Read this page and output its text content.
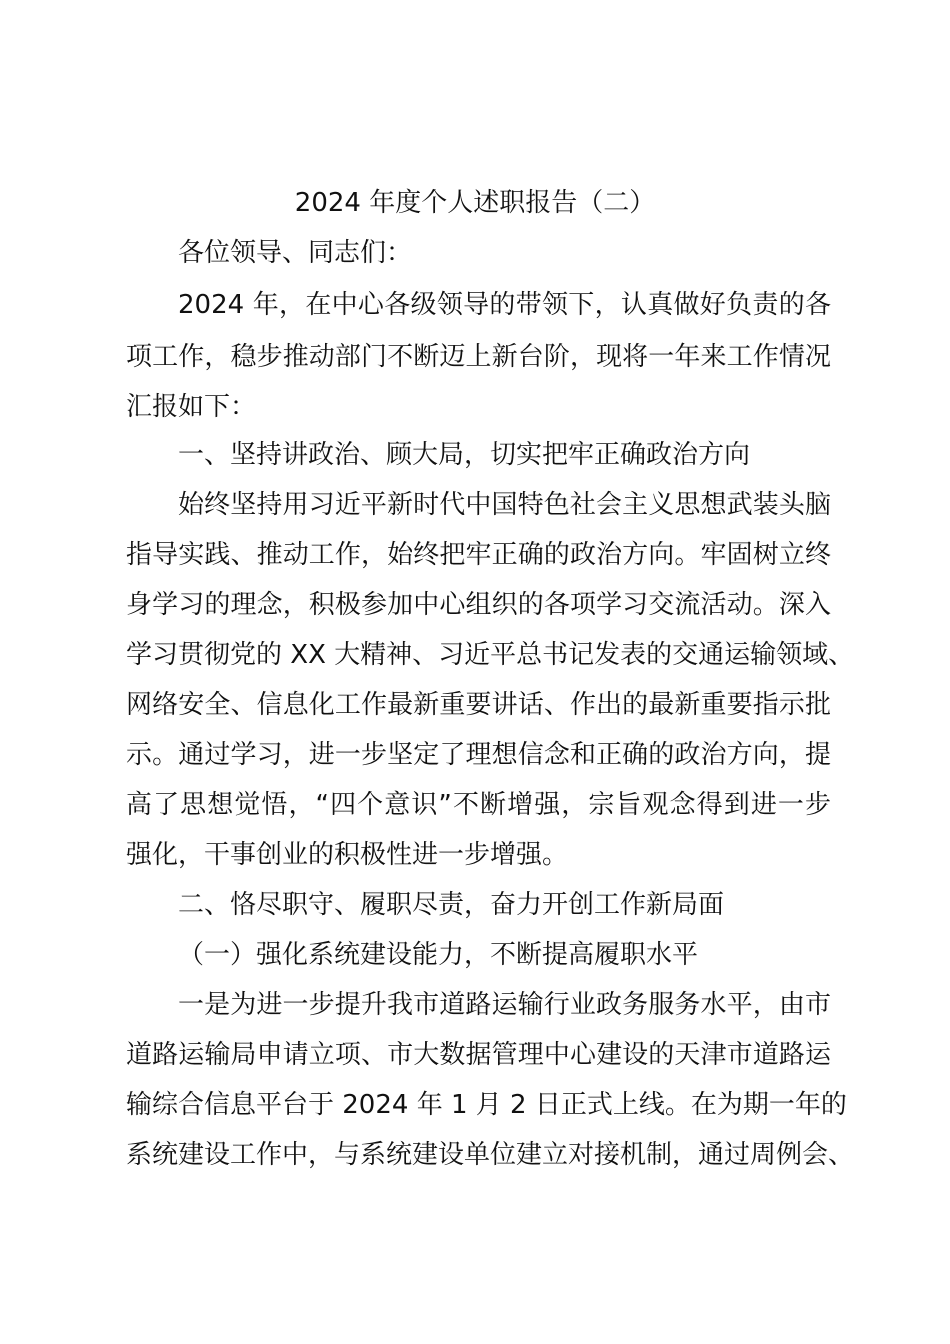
2024 年度个人述职报告（二）
各位领导、同志们：
2024 年，在中心各级领导的带领下，认真做好负责的各
项工作，稳步推动部门不断迈上新台阶，现将一年来工作情况
汇报如下：
一、坚持讲政治、顾大局，切实把牢正确政治方向
始终坚持用习近平新时代中国特色社会主义思想武装头脑
指导实践、推动工作，始终把牢正确的政治方向。牢固树立终
身学习的理念，积极参加中心组织的各项学习交流活动。深入
学习贯彻党的 XX 大精神、习近平总书记发表的交通运输领域、
网络安全、信息化工作最新重要讲话、作出的最新重要指示批
示。通过学习，进一步坚定了理想信念和正确的政治方向，提
高了思想觉悟，“四个意识”不断增强，宗旨观念得到进一步
强化，干事创业的积极性进一步增强。
二、恪尽职守、履职尽责，奋力开创工作新局面
（一）强化系统建设能力，不断提高履职水平
一是为进一步提升我市道路运输行业政务服务水平，由市
道路运输局申请立项、市大数据管理中心建设的天津市道路运
输综合信息平台于 2024 年 1 月 2 日正式上线。在为期一年的
系统建设工作中，与系统建设单位建立对接机制，通过周例会、
